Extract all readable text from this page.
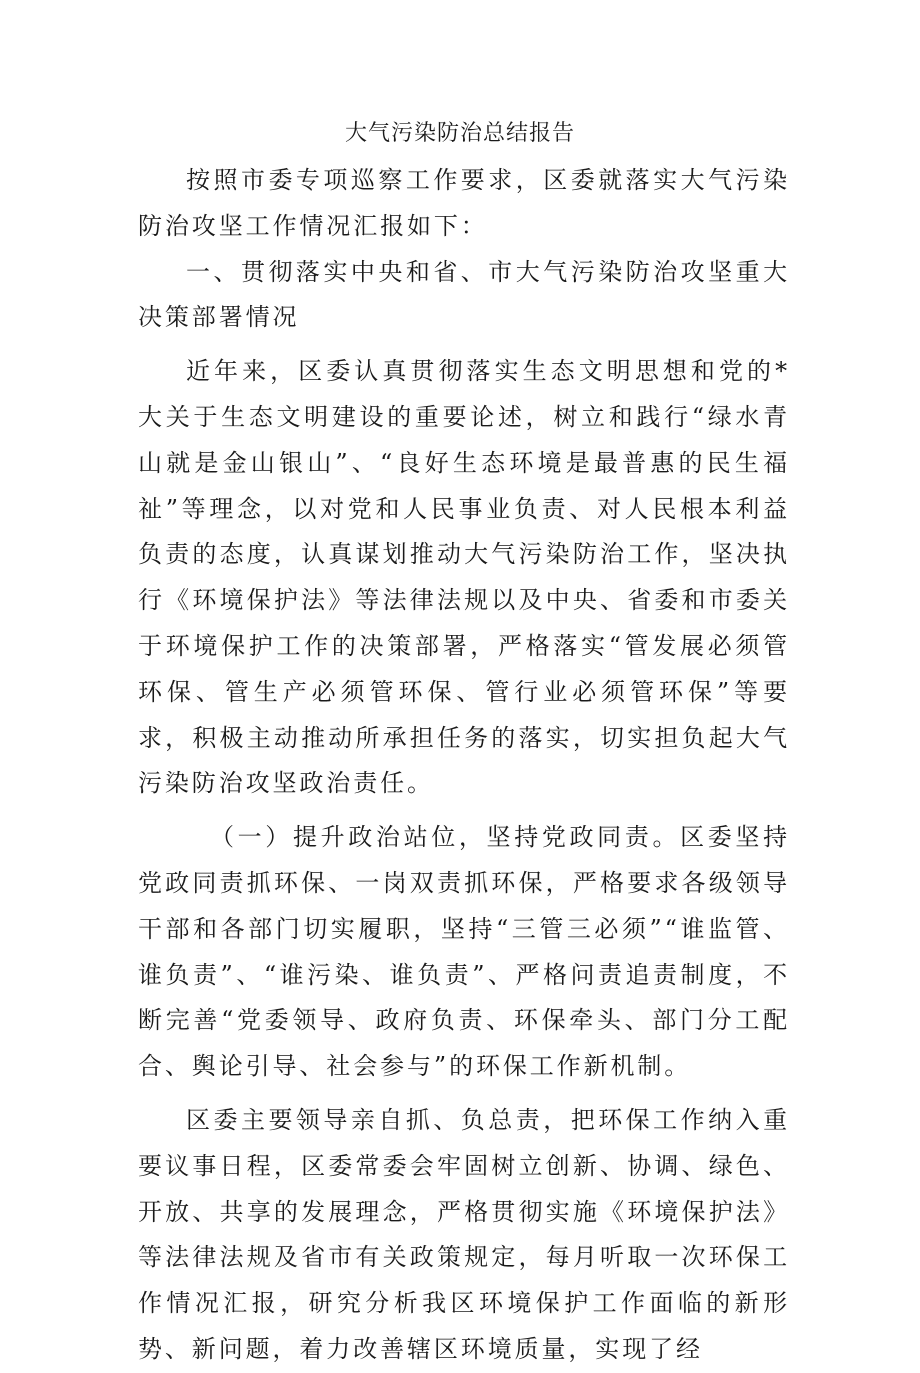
大气污染防治总结报告

按照市委专项巡察工作要求，区委就落实大气污染防治攻坚工作情况汇报如下：

一、贯彻落实中央和省、市大气污染防治攻坚重大决策部署情况

近年来，区委认真贯彻落实生态文明思想和党的*大关于生态文明建设的重要论述，树立和践行“绿水青山就是金山银山”、“良好生态环境是最普惠的民生福祉”等理念，以对党和人民事业负责、对人民根本利益负责的态度，认真谋划推动大气污染防治工作，坚决执行《环境保护法》等法律法规以及中央、省委和市委关于环境保护工作的决策部署，严格落实“管发展必须管环保、管生产必须管环保、管行业必须管环保”等要求，积极主动推动所承担任务的落实，切实担负起大气污染防治攻坚政治责任。

（一）提升政治站位，坚持党政同责。区委坚持党政同责抓环保、一岗双责抓环保，严格要求各级领导干部和各部门切实履职，坚持“三管三必须”“谁监管、谁负责”、“谁污染、谁负责”、严格问责追责制度，不断完善“党委领导、政府负责、环保牵头、部门分工配合、舆论引导、社会参与”的环保工作新机制。

区委主要领导亲自抓、负总责，把环保工作纳入重要议事日程，区委常委会牢固树立创新、协调、绿色、开放、共享的发展理念，严格贯彻实施《环境保护法》等法律法规及省市有关政策规定，每月听取一次环保工作情况汇报，研究分析我区环境保护工作面临的新形势、新问题，着力改善辖区环境质量，实现了经
